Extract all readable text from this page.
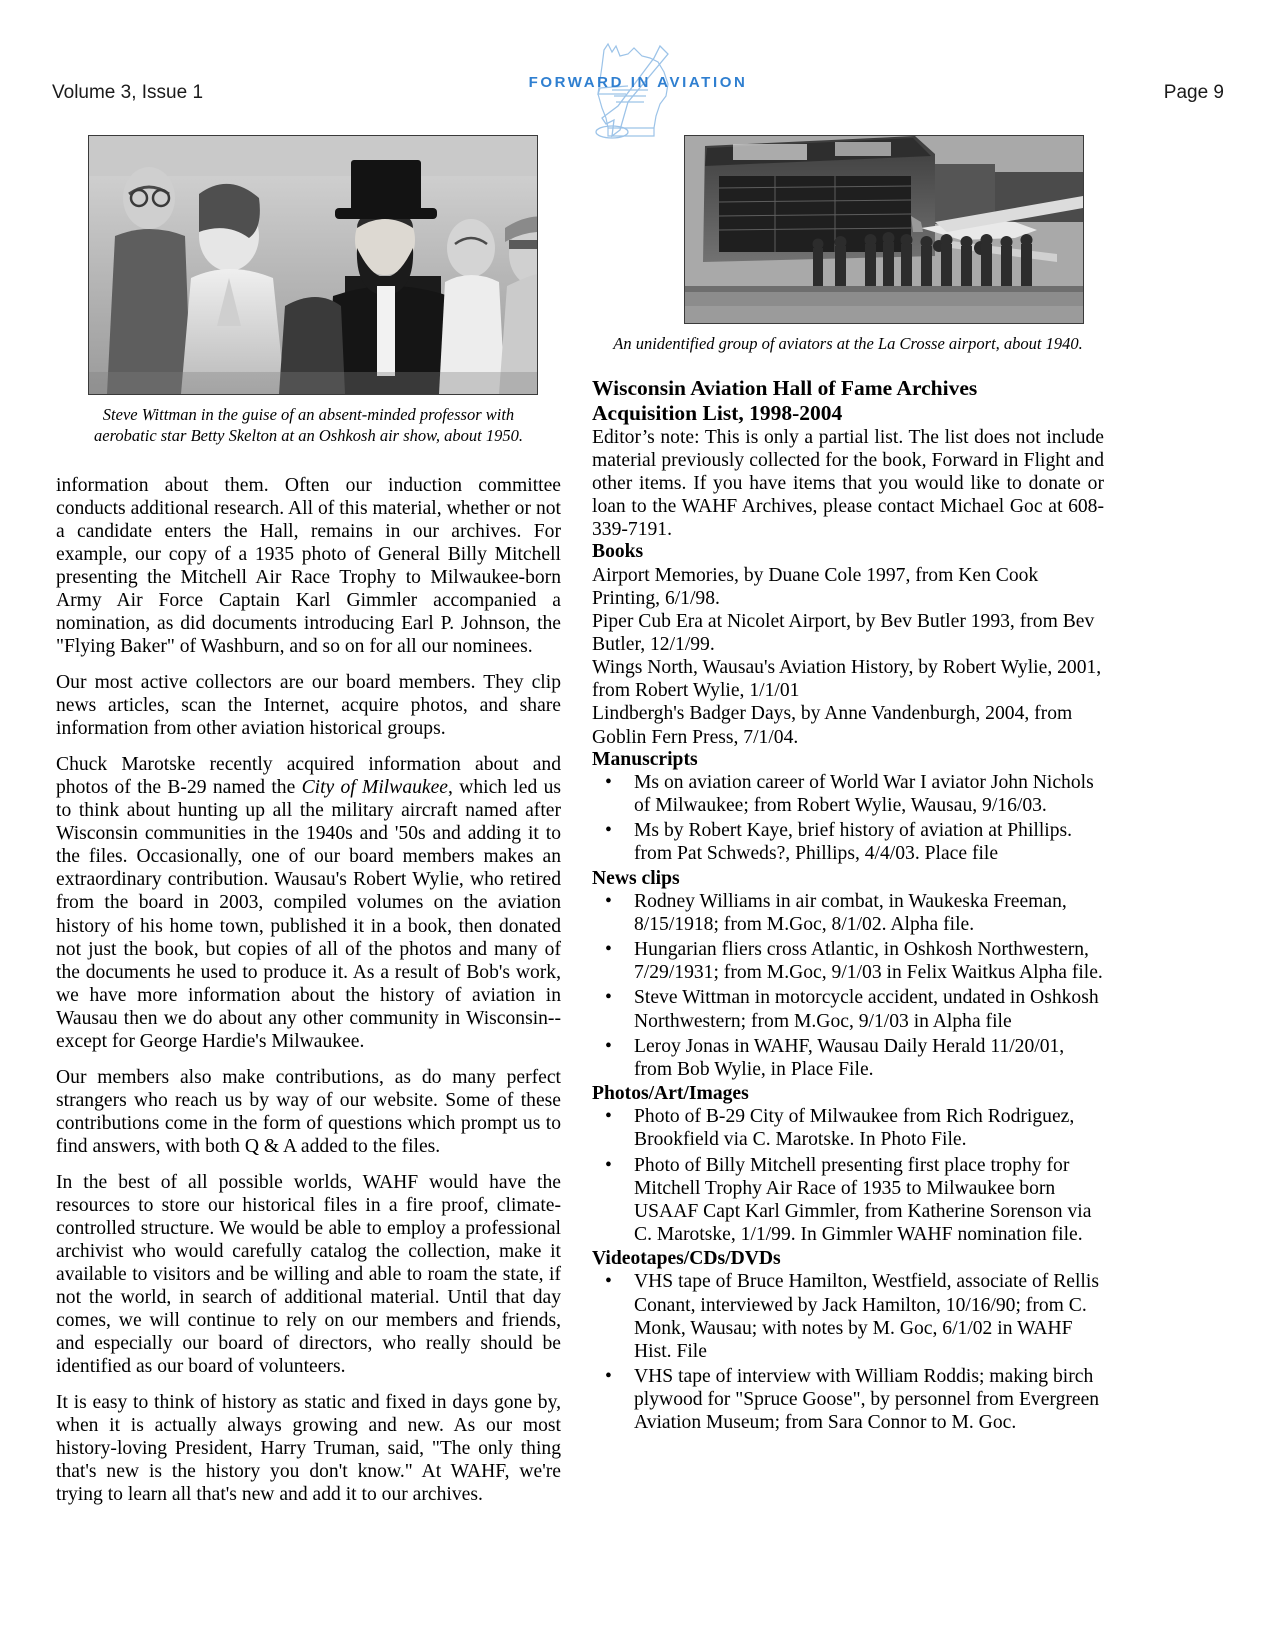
Volume 3, Issue 1	FORWARD IN AVIATION	Page 9
Steve Wittman in the guise of an absent-minded professor with aerobatic star Betty Skelton at an Oshkosh air show, about 1950.

information about them. Often our induction committee conducts additional research. All of this material, whether or not a candidate enters the Hall, remains in our archives. For example, our copy of a 1935 photo of General Billy Mitchell presenting the Mitchell Air Race Trophy to Milwaukee-born Army Air Force Captain Karl Gimmler accompanied a nomination, as did documents introducing Earl P. Johnson, the "Flying Baker" of Washburn, and so on for all our nominees.

Our most active collectors are our board members. They clip news articles, scan the Internet, acquire photos, and share information from other aviation historical groups.

Chuck Marotske recently acquired information about and photos of the B-29 named the City of Milwaukee, which led us to think about hunting up all the military aircraft named after Wisconsin communities in the 1940s and '50s and adding it to the files. Occasionally, one of our board members makes an extraordinary contribution. Wausau's Robert Wylie, who retired from the board in 2003, compiled volumes on the aviation history of his home town, published it in a book, then donated not just the book, but copies of all of the photos and many of the documents he used to produce it. As a result of Bob's work, we have more information about the history of aviation in Wausau then we do about any other community in Wisconsin--except for George Hardie's Milwaukee.

Our members also make contributions, as do many perfect strangers who reach us by way of our website. Some of these contributions come in the form of questions which prompt us to find answers, with both Q & A added to the files.

In the best of all possible worlds, WAHF would have the resources to store our historical files in a fire proof, climate-controlled structure. We would be able to employ a professional archivist who would carefully catalog the collection, make it available to visitors and be willing and able to roam the state, if not the world, in search of additional material. Until that day comes, we will continue to rely on our members and friends, and especially our board of directors, who really should be identified as our board of volunteers.

It is easy to think of history as static and fixed in days gone by, when it is actually always growing and new. As our most history-loving President, Harry Truman, said, "The only thing that's new is the history you don't know." At WAHF, we're trying to learn all that's new and add it to our archives.

An unidentified group of aviators at the La Crosse airport, about 1940.
Wisconsin Aviation Hall of Fame Archives
Acquisition List, 1998-2004

Editor’s note: This is only a partial list. The list does not include material previously collected for the book, Forward in Flight and other items. If you have items that you would like to donate or loan to the WAHF Archives, please contact Michael Goc at 608-339-7191.

Books

Airport Memories, by Duane Cole 1997, from Ken Cook Printing, 6/1/98.

Piper Cub Era at Nicolet Airport, by Bev Butler 1993, from Bev Butler, 12/1/99.

Wings North, Wausau's Aviation History, by Robert Wylie, 2001, from Robert Wylie, 1/1/01

Lindbergh's Badger Days, by Anne Vandenburgh, 2004, from Goblin Fern Press, 7/1/04.

Manuscripts
• Ms on aviation career of World War I aviator John Nichols of Milwaukee; from Robert Wylie, Wausau, 9/16/03.
• Ms by Robert Kaye, brief history of aviation at Phillips. from Pat Schweds?, Phillips, 4/4/03. Place file
News clips
• Rodney Williams in air combat, in Waukeska Freeman, 8/15/1918; from M.Goc, 8/1/02. Alpha file.
• Hungarian fliers cross Atlantic, in Oshkosh Northwestern, 7/29/1931; from M.Goc, 9/1/03 in Felix Waitkus Alpha file.
• Steve Wittman in motorcycle accident, undated in Oshkosh Northwestern; from M.Goc, 9/1/03 in Alpha file
• Leroy Jonas in WAHF, Wausau Daily Herald 11/20/01, from Bob Wylie, in Place File.
Photos/Art/Images
• Photo of B-29 City of Milwaukee from Rich Rodriguez, Brookfield via C. Marotske. In Photo File.
• Photo of Billy Mitchell presenting first place trophy for Mitchell Trophy Air Race of 1935 to Milwaukee born USAAF Capt Karl Gimmler, from Katherine Sorenson via C. Marotske, 1/1/99. In Gimmler WAHF nomination file.
Videotapes/CDs/DVDs
• VHS tape of Bruce Hamilton, Westfield, associate of Rellis Conant, interviewed by Jack Hamilton, 10/16/90; from C. Monk, Wausau; with notes by M. Goc, 6/1/02 in WAHF Hist. File
• VHS tape of interview with William Roddis; making birch plywood for "Spruce Goose", by personnel from Evergreen Aviation Museum; from Sara Connor to M. Goc.
